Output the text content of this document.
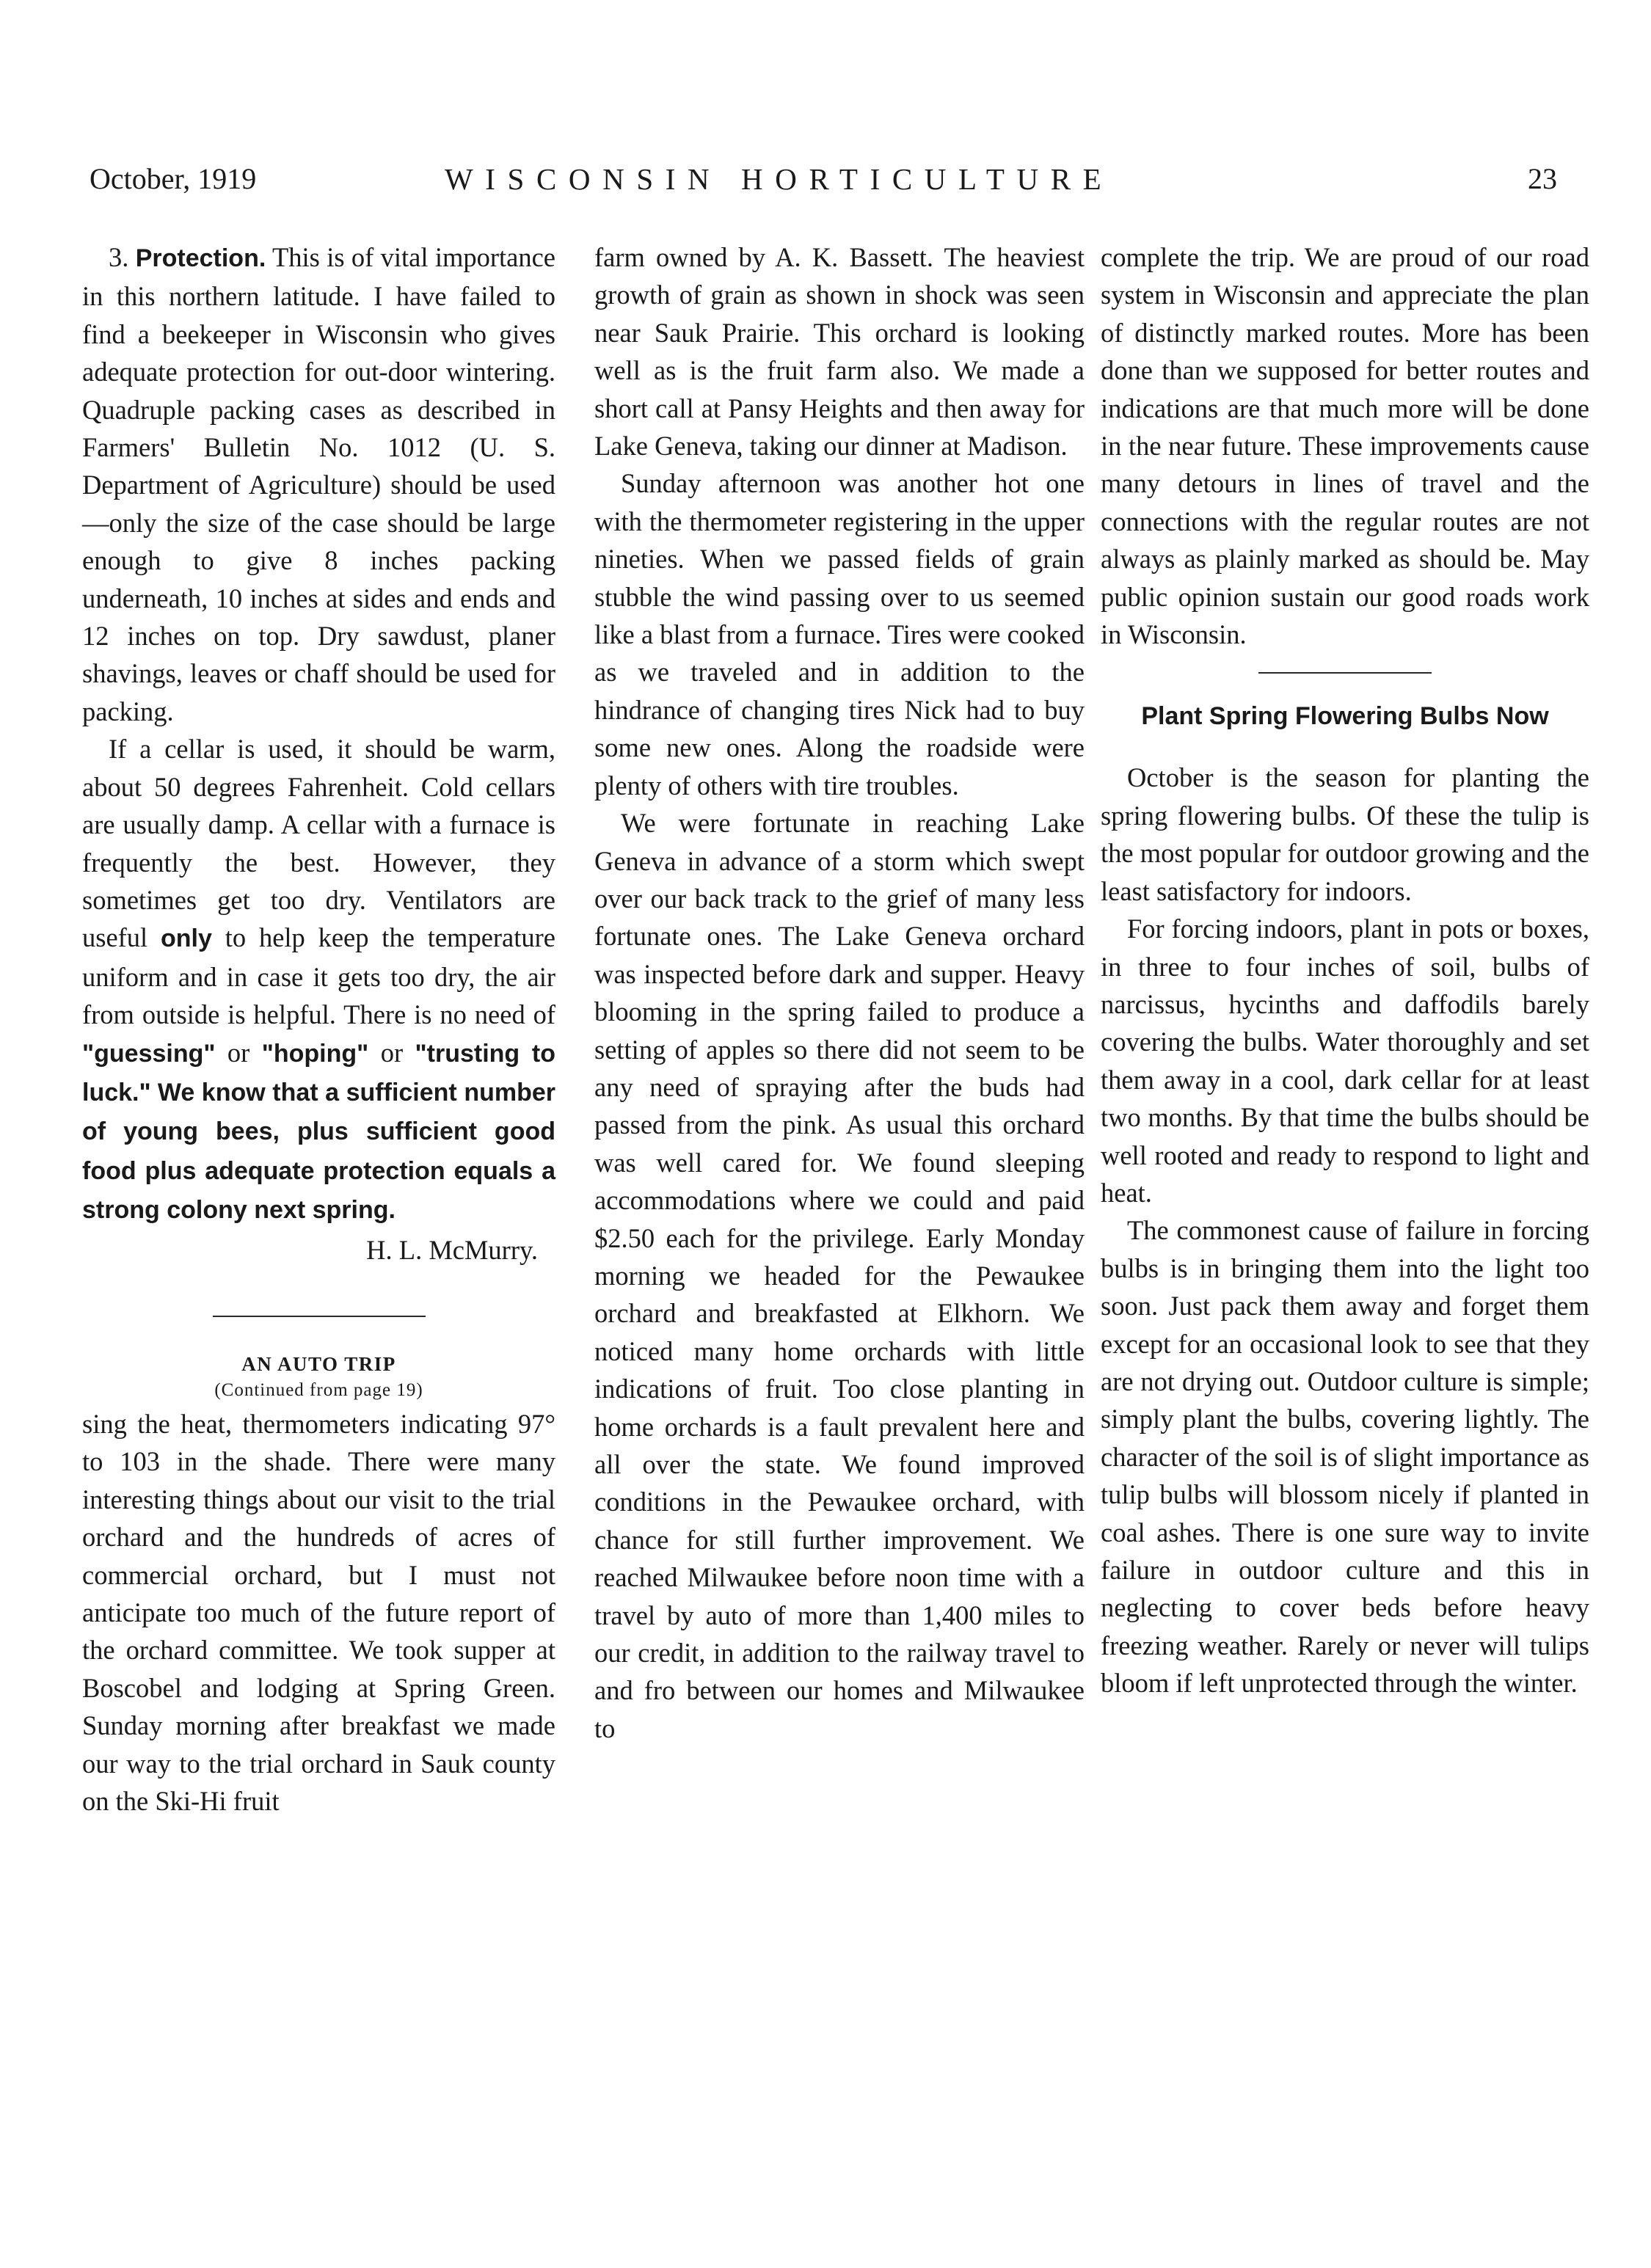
October, 1919	WISCONSIN HORTICULTURE	23

3. Protection. This is of vital importance in this northern latitude. I have failed to find a beekeeper in Wisconsin who gives adequate protection for out-door wintering. Quadruple packing cases as described in Farmers' Bulletin No. 1012 (U. S. Department of Agriculture) should be used—only the size of the case should be large enough to give 8 inches packing underneath, 10 inches at sides and ends and 12 inches on top. Dry sawdust, planer shavings, leaves or chaff should be used for packing.

If a cellar is used, it should be warm, about 50 degrees Fahrenheit. Cold cellars are usually damp. A cellar with a furnace is frequently the best. However, they sometimes get too dry. Ventilators are useful only to help keep the temperature uniform and in case it gets too dry, the air from outside is helpful. There is no need of "guessing" or "hoping" or "trusting to luck." We know that a sufficient number of young bees, plus sufficient good food plus adequate protection equals a strong colony next spring.

H. L. McMurry.
AN AUTO TRIP
(Continued from page 19)

sing the heat, thermometers indicating 97° to 103 in the shade. There were many interesting things about our visit to the trial orchard and the hundreds of acres of commercial orchard, but I must not anticipate too much of the future report of the orchard committee. We took supper at Boscobel and lodging at Spring Green. Sunday morning after breakfast we made our way to the trial orchard in Sauk county on the Ski-Hi fruit

farm owned by A. K. Bassett. The heaviest growth of grain as shown in shock was seen near Sauk Prairie. This orchard is looking well as is the fruit farm also. We made a short call at Pansy Heights and then away for Lake Geneva, taking our dinner at Madison.

Sunday afternoon was another hot one with the thermometer registering in the upper nineties. When we passed fields of grain stubble the wind passing over to us seemed like a blast from a furnace. Tires were cooked as we traveled and in addition to the hindrance of changing tires Nick had to buy some new ones. Along the roadside were plenty of others with tire troubles.

We were fortunate in reaching Lake Geneva in advance of a storm which swept over our back track to the grief of many less fortunate ones. The Lake Geneva orchard was inspected before dark and supper. Heavy blooming in the spring failed to produce a setting of apples so there did not seem to be any need of spraying after the buds had passed from the pink. As usual this orchard was well cared for. We found sleeping accommodations where we could and paid $2.50 each for the privilege. Early Monday morning we headed for the Pewaukee orchard and breakfasted at Elkhorn. We noticed many home orchards with little indications of fruit. Too close planting in home orchards is a fault prevalent here and all over the state. We found improved conditions in the Pewaukee orchard, with chance for still further improvement. We reached Milwaukee before noon time with a travel by auto of more than 1,400 miles to our credit, in addition to the railway travel to and fro between our homes and Milwaukee to

complete the trip. We are proud of our road system in Wisconsin and appreciate the plan of distinctly marked routes. More has been done than we supposed for better routes and indications are that much more will be done in the near future. These improvements cause many detours in lines of travel and the connections with the regular routes are not always as plainly marked as should be. May public opinion sustain our good roads work in Wisconsin.

Plant Spring Flowering Bulbs Now

October is the season for planting the spring flowering bulbs. Of these the tulip is the most popular for outdoor growing and the least satisfactory for indoors.

For forcing indoors, plant in pots or boxes, in three to four inches of soil, bulbs of narcissus, hycinths and daffodils barely covering the bulbs. Water thoroughly and set them away in a cool, dark cellar for at least two months. By that time the bulbs should be well rooted and ready to respond to light and heat.

The commonest cause of failure in forcing bulbs is in bringing them into the light too soon. Just pack them away and forget them except for an occasional look to see that they are not drying out. Outdoor culture is simple; simply plant the bulbs, covering lightly. The character of the soil is of slight importance as tulip bulbs will blossom nicely if planted in coal ashes. There is one sure way to invite failure in outdoor culture and this in neglecting to cover beds before heavy freezing weather. Rarely or never will tulips bloom if left unprotected through the winter.
